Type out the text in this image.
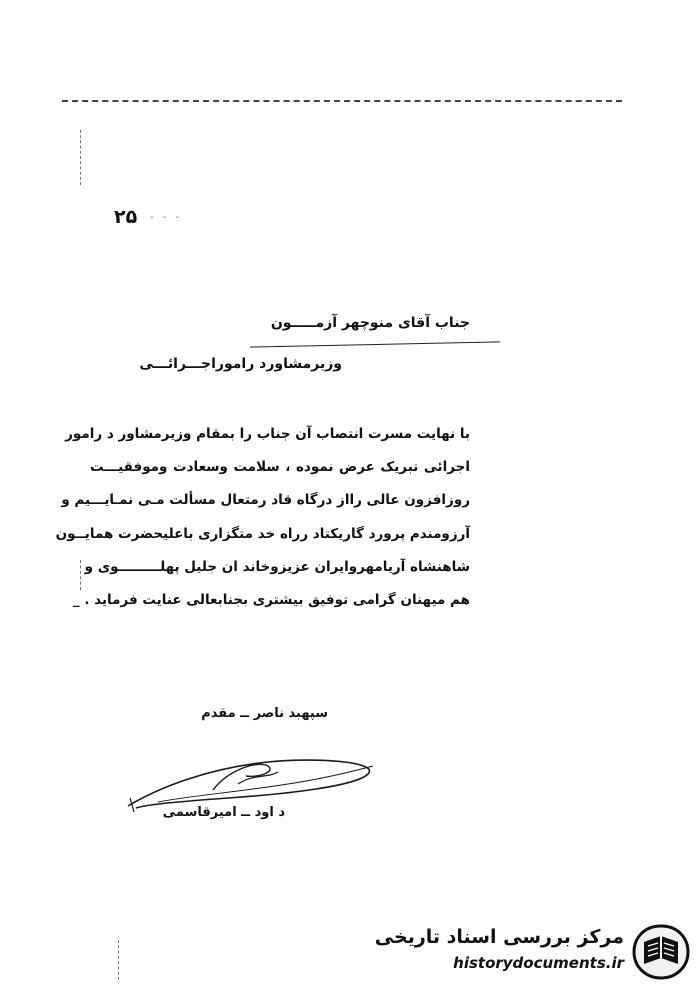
۲۵ - - -
جناب آقای منوچهر آزمـــــون
وزیرمشاورد راموراجـــرائـــی
با نهایت مسرت انتصاب آن جناب را بمقام وزیرمشاور د رامور
اجرائی تبریک عرض نموده ، سلامت وسعادت وموفقیـــت
روزافزون عالی رااز درگاه قاد رمتعال مسألت مـی نمـایـــیم و
آرزومندم پرورد گاریکتاد رراه خد متگزاری باعلیحضرت همایــون
شاهنشاه آریامهروایران عزیزوخاند ان جلیل پهلـــــــــوی و
هم میهنان گرامی توفیق بیشتری بجنابعالی عنایت فرماید . _
سپهبد ناصر ــ مقدم
د اود ــ امیرقاسمی
مرکز بررسی اسناد تاریخی
historydocuments.ir
